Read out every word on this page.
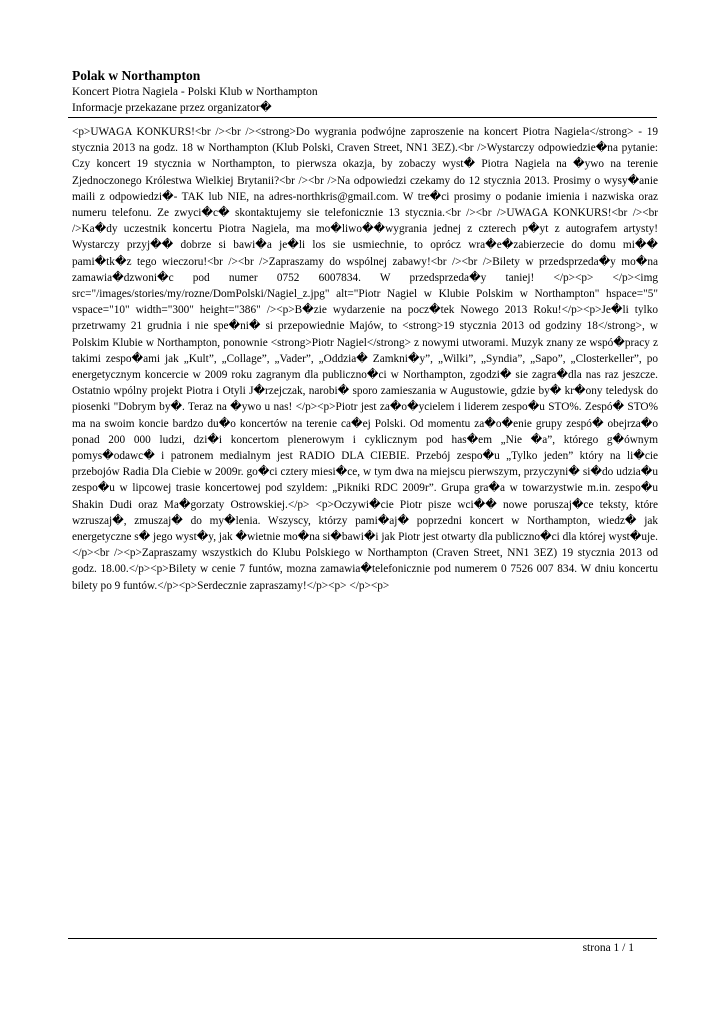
Polak w Northampton

Koncert Piotra Nagiela - Polski Klub w Northampton

Informacje przekazane przez organizator�

<p>UWAGA KONKURS!<br /><br /><strong>Do wygrania podwójne zaproszenie na koncert Piotra Nagiela</strong> - 19 stycznia 2013 na godz. 18 w Northampton (Klub Polski, Craven Street, NN1 3EZ).<br />Wystarczy odpowiedzie�na pytanie: Czy koncert 19 stycznia w Northampton, to pierwsza okazja, by zobaczy wyst� Piotra Nagiela na �ywo na terenie Zjednoczonego Królestwa Wielkiej Brytanii?<br /><br />Na odpowiedzi czekamy do 12 stycznia 2013. Prosimy o wysy�anie maili z odpowiedzi�- TAK lub NIE, na adres-northkris@gmail.com. W tre�ci prosimy o podanie imienia i nazwiska oraz numeru telefonu. Ze zwyci�c� skontaktujemy sie telefonicznie 13 stycznia.<br /><br />UWAGA KONKURS!<br /><br />Ka�dy uczestnik koncertu Piotra Nagiela, ma mo�liwo��wygrania jednej z czterech p�yt z autografem artysty! Wystarczy przyj�� dobrze si bawi�a je�li los sie usmiechnie, to oprócz wra�e�zabierzecie do domu mi�� pami�tk�z tego wieczoru!<br /><br />Zapraszamy do wspólnej zabawy!<br /><br />Bilety w przedsprzeda�y mo�na zamawia�dzwoni�c pod numer 0752 6007834. W przedsprzeda�y taniej! </p><p> </p><img src="/images/stories/my/rozne/DomPolski/Nagiel_z.jpg" alt="Piotr Nagiel w Klubie Polskim w Northampton" hspace="5" vspace="10" width="300" height="386" /><p>B�zie wydarzenie na pocz�tek Nowego 2013 Roku!</p><p>Je�li tylko przetrwamy 21 grudnia i nie spe�ni� si przepowiednie Majów, to <strong>19 stycznia 2013 od godziny 18</strong>, w Polskim Klubie w Northampton, ponownie <strong>Piotr Nagiel</strong> z nowymi utworami. Muzyk znany ze wspó�pracy z takimi zespo�ami jak „Kult”, „Collage”, „Vader”, „Oddzia� Zamkni�y”, „Wilki”, „Syndia”, „Sapo”, „Closterkeller”, po energetycznym koncercie w 2009 roku zagranym dla publiczno�ci w Northampton, zgodzi� sie zagra�dla nas raz jeszcze. Ostatnio wpólny projekt Piotra i Otyli J�rzejczak, narobi� sporo zamieszania w Augustowie, gdzie by� kr�ony teledysk do piosenki "Dobrym by�. Teraz na �ywo u nas! </p><p>Piotr jest za�o�ycielem i liderem zespo�u STO%. Zespó� STO% ma na swoim koncie bardzo du�o koncertów na terenie ca�ej Polski. Od momentu za�o�enie grupy zespó� obejrza�o ponad 200 000 ludzi, dzi�i koncertom plenerowym i cyklicznym pod has�em „Nie �a”, którego g�ównym pomys�odawc� i patronem medialnym jest RADIO DLA CIEBIE. Przebój zespo�u „Tylko jeden” który na li�cie przebojów Radia Dla Ciebie w 2009r. go�ci cztery miesi�ce, w tym dwa na miejscu pierwszym, przyczyni� si�do udzia�u zespo�u w lipcowej trasie koncertowej pod szyldem: „Pikniki RDC 2009r”. Grupa gra�a w towarzystwie m.in. zespo�u Shakin Dudi oraz Ma�gorzaty Ostrowskiej.</p> <p>Oczywi�cie Piotr pisze wci�� nowe poruszaj�ce teksty, które wzruszaj�, zmuszaj� do my�lenia. Wszyscy, którzy pami�aj� poprzedni koncert w Northampton, wiedz� jak energetyczne s� jego wyst�y, jak �wietnie mo�na si�bawi�i jak Piotr jest otwarty dla publiczno�ci dla której wyst�uje.</p><br /><p>Zapraszamy wszystkich do Klubu Polskiego w Northampton (Craven Street, NN1 3EZ) 19 stycznia 2013 od godz. 18.00.</p><p>Bilety w cenie 7 funtów, mozna zamawia�telefonicznie pod numerem 0 7526 007 834. W dniu koncertu bilety po 9 funtów.</p><p>Serdecznie zapraszamy!</p><p> </p><p>

strona 1 / 1
